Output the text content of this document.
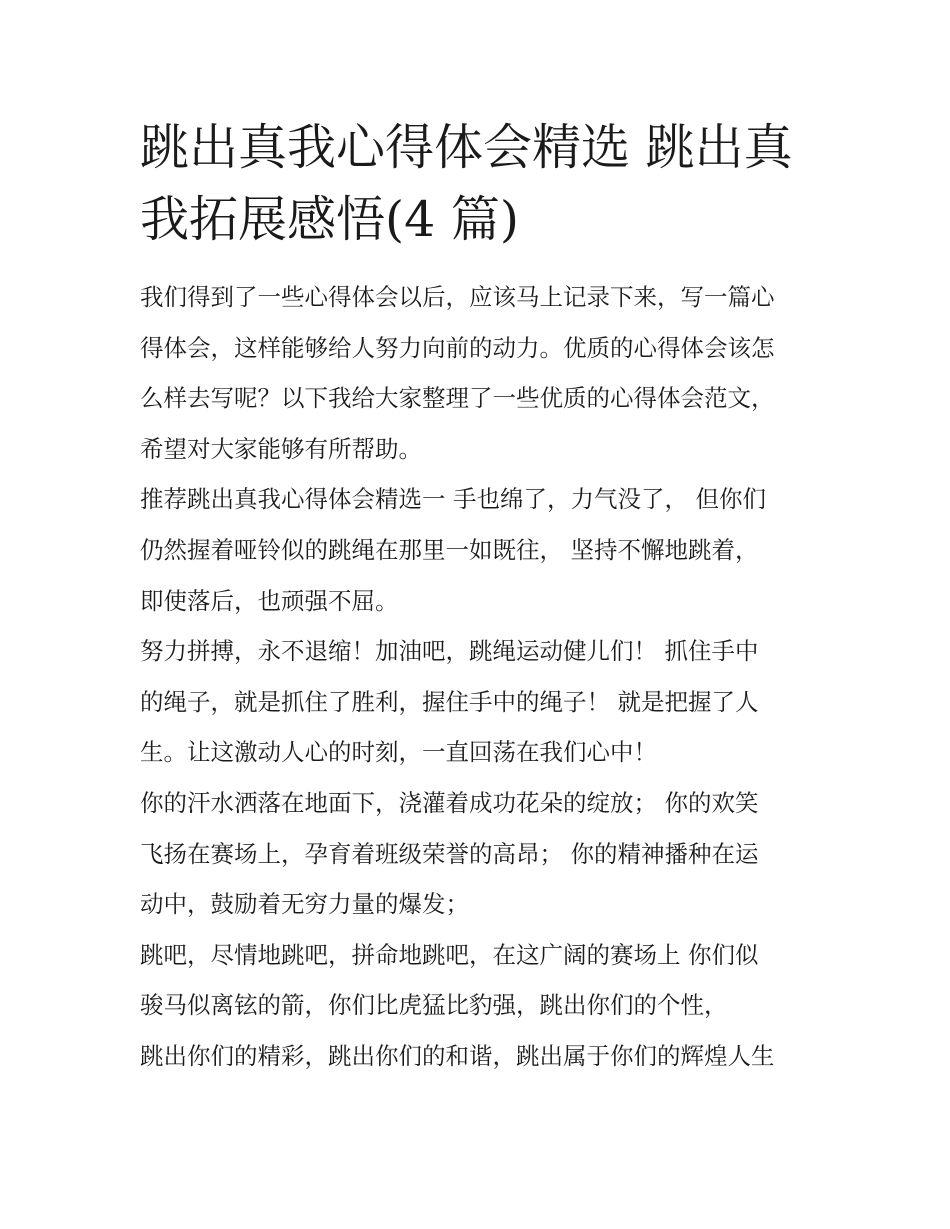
跳出真我心得体会精选 跳出真
我拓展感悟(4 篇)
我们得到了一些心得体会以后，应该马上记录下来，写一篇心
得体会，这样能够给人努力向前的动力。优质的心得体会该怎
么样去写呢？以下我给大家整理了一些优质的心得体会范文，
希望对大家能够有所帮助。
推荐跳出真我心得体会精选一 手也绵了，力气没了， 但你们
仍然握着哑铃似的跳绳在那里一如既往， 坚持不懈地跳着，
即使落后，也顽强不屈。
努力拼搏，永不退缩！加油吧，跳绳运动健儿们！ 抓住手中
的绳子，就是抓住了胜利，握住手中的绳子！ 就是把握了人
生。让这激动人心的时刻，一直回荡在我们心中！
你的汗水洒落在地面下，浇灌着成功花朵的绽放； 你的欢笑
飞扬在赛场上，孕育着班级荣誉的高昂； 你的精神播种在运
动中，鼓励着无穷力量的爆发；
跳吧，尽情地跳吧，拼命地跳吧，在这广阔的赛场上 你们似
骏马似离铉的箭，你们比虎猛比豹强，跳出你们的个性，
跳出你们的精彩，跳出你们的和谐，跳出属于你们的辉煌人生
